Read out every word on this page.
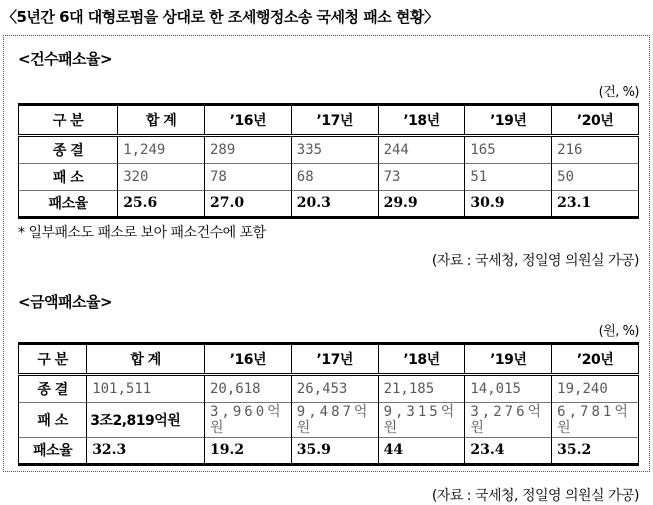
〈5년간 6대 대형로펌을 상대로 한 조세행정소송 국세청 패소 현황〉
<건수패소율>
(건, %)
구 분	합 계	’16년	’17년	’18년	’19년	’20년
종 결	1,249	289	335	244	165	216
패 소	320	78	68	73	51	50
패소율	25.6	27.0	20.3	29.9	30.9	23.1
* 일부패소도 패소로 보아 패소건수에 포함
(자료 : 국세청, 정일영 의원실 가공)
<금액패소율>
(원, %)
구 분	합 계	’16년	’17년	’18년	’19년	’20년
종 결	101,511	20,618	26,453	21,185	14,015	19,240
패 소	3조2,819억원	3,960억원	9,487억원	9,315억원	3,276억원	6,781억원
패소율	32.3	19.2	35.9	44	23.4	35.2
(자료 : 국세청, 정일영 의원실 가공)
